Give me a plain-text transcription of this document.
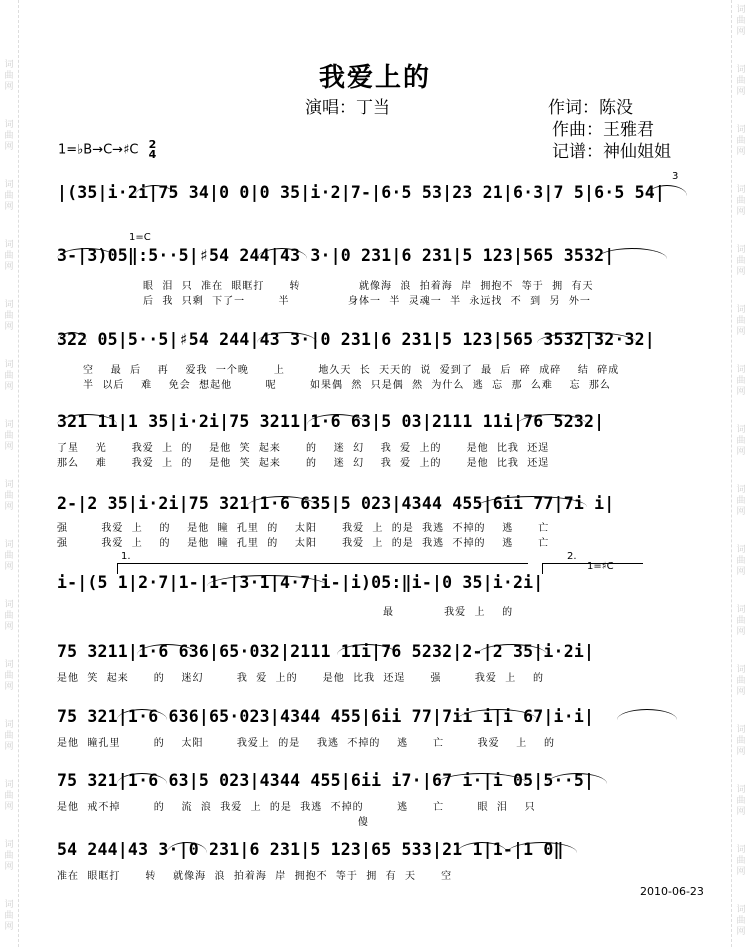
词曲网
词曲网
词曲网
词曲网
词曲网
词曲网
词曲网
词曲网
词曲网
词曲网
词曲网
词曲网
词曲网
词曲网
词曲网
词曲网
词曲网
词曲网
词曲网
词曲网
词曲网
词曲网
词曲网
词曲网
词曲网
词曲网
词曲网
词曲网
词曲网
词曲网
词曲网
我爱上的
演唱：丁当	作词：陈没
作曲：王雅君
记谱：神仙姐姐
1=♭B→C→♯C 2
4
|(35|i·2i|75 34|0 0|0 35|i·2|7-|6·5 53|23 21|6·3|7 5|6·5 54|
3
3-|3)05‖:5··5|♯54 244|43 3·|0 231|6 231|5 123|565 3532|
1=C
眼  泪  只  准在  眼眶打      转              就像海  浪  拍着海  岸  拥抱不  等于  拥  有天
后  我  只剩  下了一        半              身体一  半  灵魂一  半  永远找  不  到  另  外一
322 05|5··5|♯54 244|43 3·|0 231|6 231|5 123|565 3532|32·32|
空    最  后    再    爱我  一个晚      上        地久天  长  天天的  说  爱到了  最  后  碎  成碎    结  碎成
半  以后    难    免会  想起他        呢        如果偶  然  只是偶  然  为什么  逃  忘  那  么难    忘  那么
321 11|1 35|i·2i|75 3211|1·6 63|5 03|2111 11i|76 5232|
了星    光      我爱  上  的    是他  笑  起来      的    迷  幻    我  爱  上的      是他  比我  还逞
那么    难      我爱  上  的    是他  笑  起来      的    迷  幻    我  爱  上的      是他  比我  还逞
2-|2 35|i·2i|75 321|1·6 635|5 023|4344 455|6ii 77|7i i|
强        我爱  上    的    是他  瞳  孔里  的    太阳      我爱  上  的是  我逃  不掉的    逃      亡
强        我爱  上    的    是他  瞳  孔里  的    太阳      我爱  上  的是  我逃  不掉的    逃      亡
1.	2.
1=♯C
i-|(5 1|2·7|1-|1-|3·1|4·7|i-|i)05:‖i-|0 35|i·2i|
最            我爱  上    的
75 3211|1·6 636|65·032|2111 11i|76 5232|2-|2 35|i·2i|
是他  笑  起来      的    迷幻        我  爱  上的      是他  比我  还逞      强        我爱  上    的
75 321|1·6 636|65·023|4344 455|6ii 77|7ii i|i 67|i·i|
是他  瞳孔里        的    太阳        我爱上  的是    我逃  不掉的    逃      亡        我爱    上    的
75 321|1·6 63|5 023|4344 455|6ii i7·|67 i·|i 05|5··5|
是他  戒不掉        的    流  浪  我爱  上  的是  我逃  不掉的        逃      亡        眼  泪    只
傻
54 244|43 3·|0 231|6 231|5 123|65 533|21 1|1-|1 0‖
准在  眼眶打      转    就像海  浪  拍着海  岸  拥抱不  等于  拥  有  天      空
2010-06-23
